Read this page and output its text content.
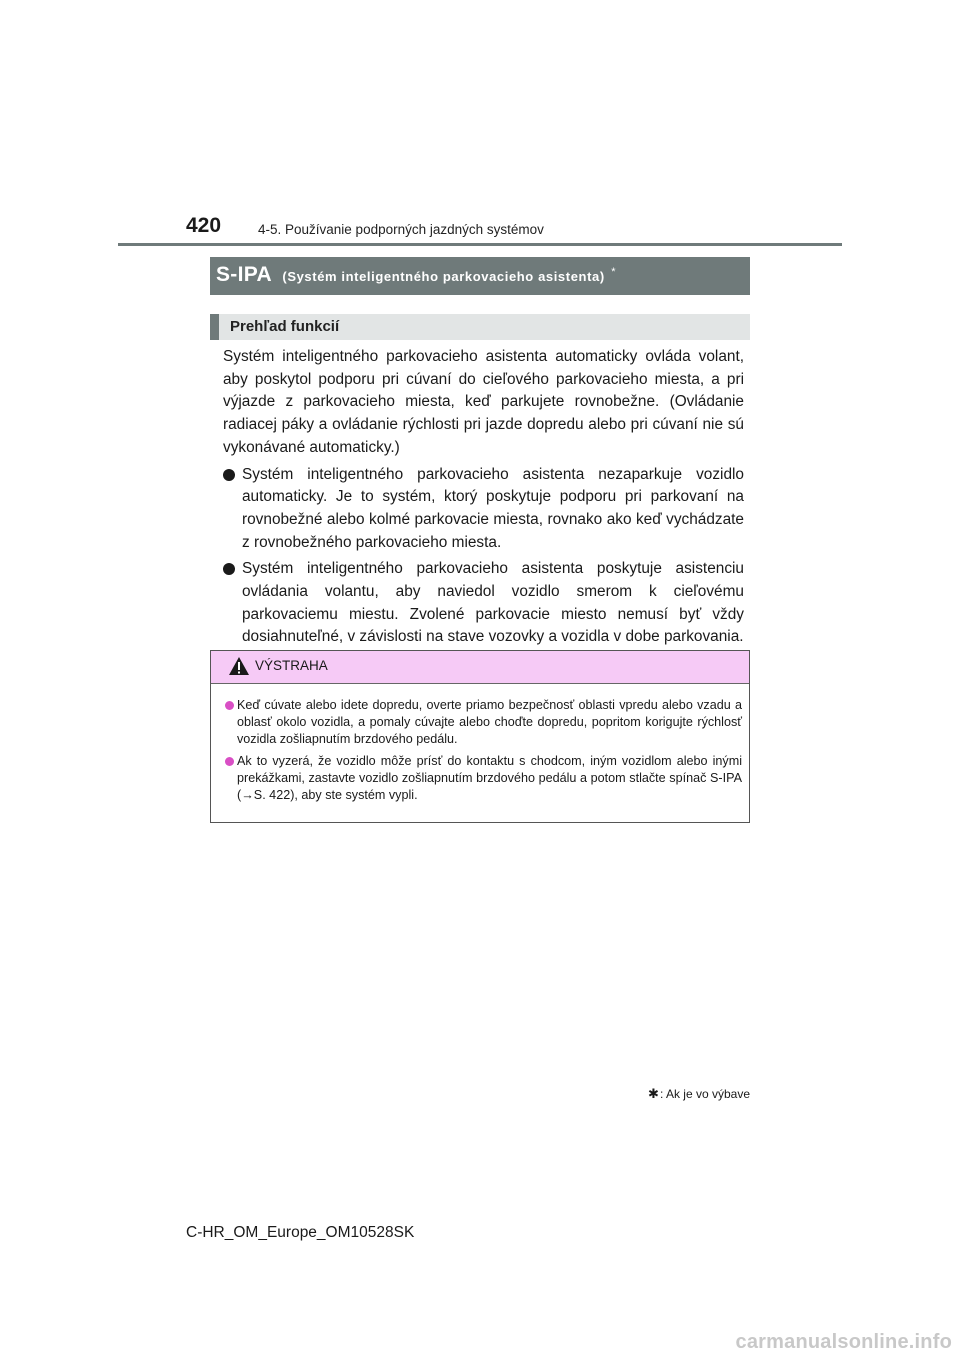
420	4-5. Používanie podporných jazdných systémov
S-IPA (Systém inteligentného parkovacieho asistenta) *
Prehľad funkcií

Systém inteligentného parkovacieho asistenta automaticky ovláda volant, aby poskytol podporu pri cúvaní do cieľového parkovacieho miesta, a pri výjazde z parkovacieho miesta, keď parkujete rovnobežne. (Ovládanie radiacej páky a ovládanie rýchlosti pri jazde dopredu alebo pri cúvaní nie sú vykonávané automaticky.)

Systém inteligentného parkovacieho asistenta nezaparkuje vozidlo automaticky. Je to systém, ktorý poskytuje podporu pri parkovaní na rovnobežné alebo kolmé parkovacie miesta, rovnako ako keď vychádzate z rovnobežného parkovacieho miesta.

Systém inteligentného parkovacieho asistenta poskytuje asistenciu ovládania volantu, aby naviedol vozidlo smerom k cieľovému parkovaciemu miestu. Zvolené parkovacie miesto nemusí byť vždy dosiahnuteľné, v závislosti na stave vozovky a vozidla v dobe parkovania.

VÝSTRAHA
Keď cúvate alebo idete dopredu, overte priamo bezpečnosť oblasti vpredu alebo vzadu a oblasť okolo vozidla, a pomaly cúvajte alebo choďte dopredu, popritom korigujte rýchlosť vozidla zošliapnutím brzdového pedálu.
Ak to vyzerá, že vozidlo môže prísť do kontaktu s chodcom, iným vozidlom alebo inými prekážkami, zastavte vozidlo zošliapnutím brzdového pedálu a potom stlačte spínač S-IPA (→S. 422), aby ste systém vypli.
✱: Ak je vo výbave
C-HR_OM_Europe_OM10528SK
carmanualsonline.info
